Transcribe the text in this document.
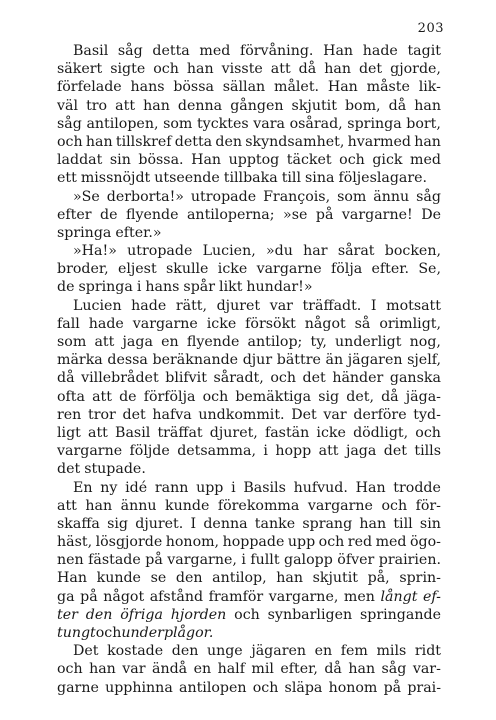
203
Basil såg detta med förvåning. Han hade tagit
säkert sigte och han visste att då han det gjorde,
förfelade hans bössa sällan målet. Han måste lik-
väl tro att han denna gången skjutit bom, då han
såg antilopen, som tycktes vara osårad, springa bort,
och han tillskref detta den skyndsamhet, hvarmed han
laddat sin bössa. Han upptog täcket och gick med
ett missnöjdt utseende tillbaka till sina följeslagare.
»Se derborta!» utropade François, som ännu såg
efter de flyende antiloperna; »se på vargarne! De
springa efter.»
»Ha!» utropade Lucien, »du har sårat bocken,
broder, eljest skulle icke vargarne följa efter. Se,
de springa i hans spår likt hundar!»
Lucien hade rätt, djuret var träffadt. I motsatt
fall hade vargarne icke försökt något så orimligt,
som att jaga en flyende antilop; ty, underligt nog,
märka dessa beräknande djur bättre än jägaren sjelf,
då villebrådet blifvit såradt, och det händer ganska
ofta att de förfölja och bemäktiga sig det, då jäga-
ren tror det hafva undkommit. Det var derföre tyd-
ligt att Basil träffat djuret, fastän icke dödligt, och
vargarne följde detsamma, i hopp att jaga det tills
det stupade.
En ny idé rann upp i Basils hufvud. Han trodde
att han ännu kunde förekomma vargarne och för-
skaffa sig djuret. I denna tanke sprang han till sin
häst, lösgjorde honom, hoppade upp och red med ögo-
nen fästade på vargarne, i fullt galopp öfver prairien.
Han kunde se den antilop, han skjutit på, sprin-
ga på något afstånd framför vargarne, men långt ef-
ter den öfriga hjorden och synbarligen springande
tungt och under plågor.
Det kostade den unge jägaren en fem mils ridt
och han var ändå en half mil efter, då han såg var-
garne upphinna antilopen och släpa honom på prai-
